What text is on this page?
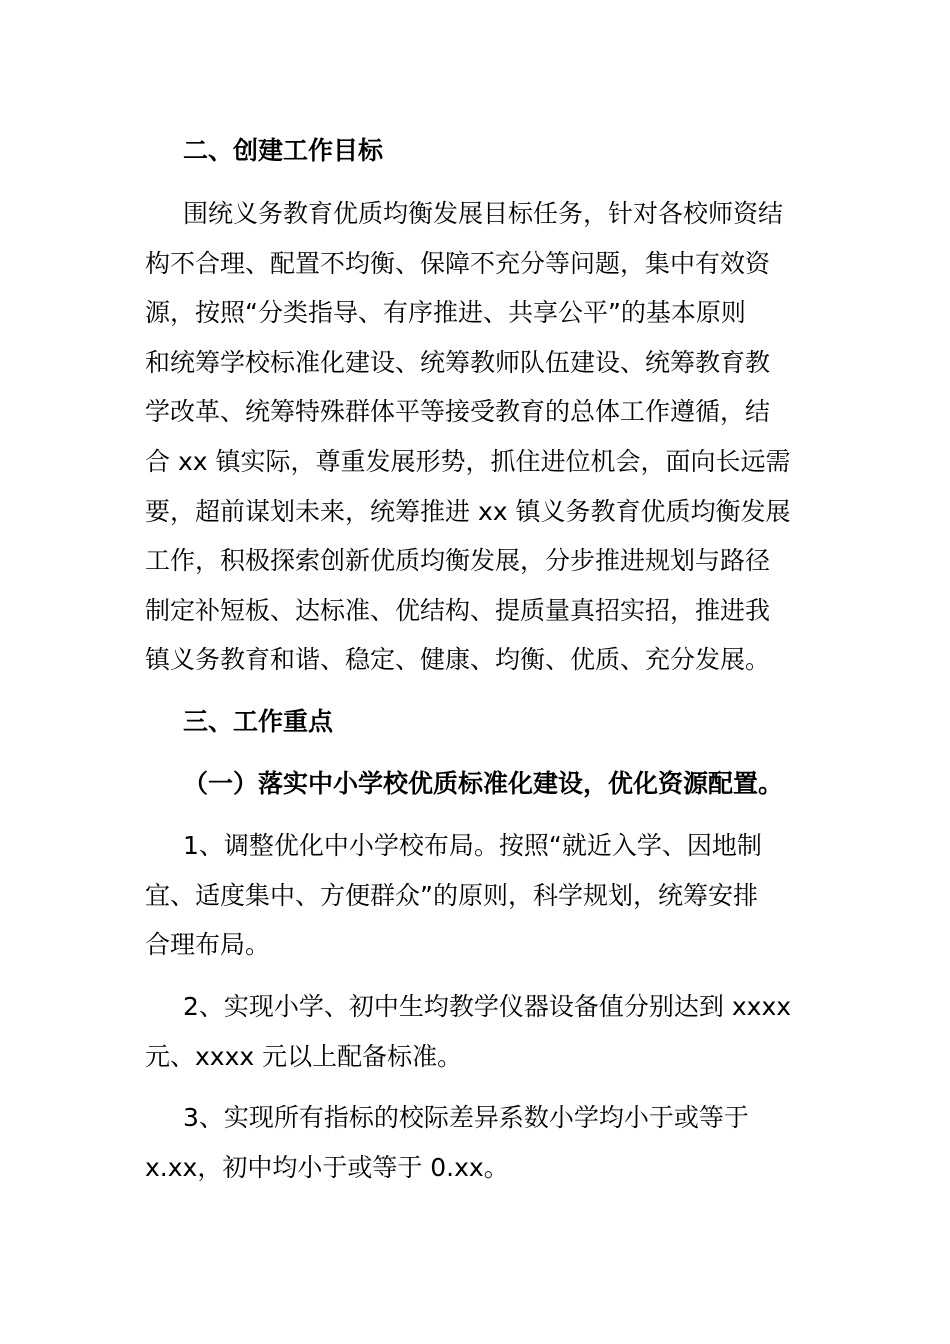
二、创建工作目标
围统义务教育优质均衡发展目标任务，针对各校师资结
构不合理、配置不均衡、保障不充分等问题，集中有效资
源，按照“分类指导、有序推进、共享公平”的基本原则
和统筹学校标准化建设、统筹教师队伍建设、统筹教育教
学改革、统筹特殊群体平等接受教育的总体工作遵循，结
合 xx 镇实际，尊重发展形势，抓住进位机会，面向长远需
要，超前谋划未来，统筹推进 xx 镇义务教育优质均衡发展
工作，积极探索创新优质均衡发展，分步推进规划与路径
制定补短板、达标准、优结构、提质量真招实招，推进我
镇义务教育和谐、稳定、健康、均衡、优质、充分发展。
三、工作重点
（一）落实中小学校优质标准化建设，优化资源配置。
1、调整优化中小学校布局。按照“就近入学、因地制
宜、适度集中、方便群众”的原则，科学规划，统筹安排
合理布局。
2、实现小学、初中生均教学仪器设备值分别达到 xxxx
元、xxxx 元以上配备标准。
3、实现所有指标的校际差异系数小学均小于或等于
x.xx，初中均小于或等于 0.xx。
